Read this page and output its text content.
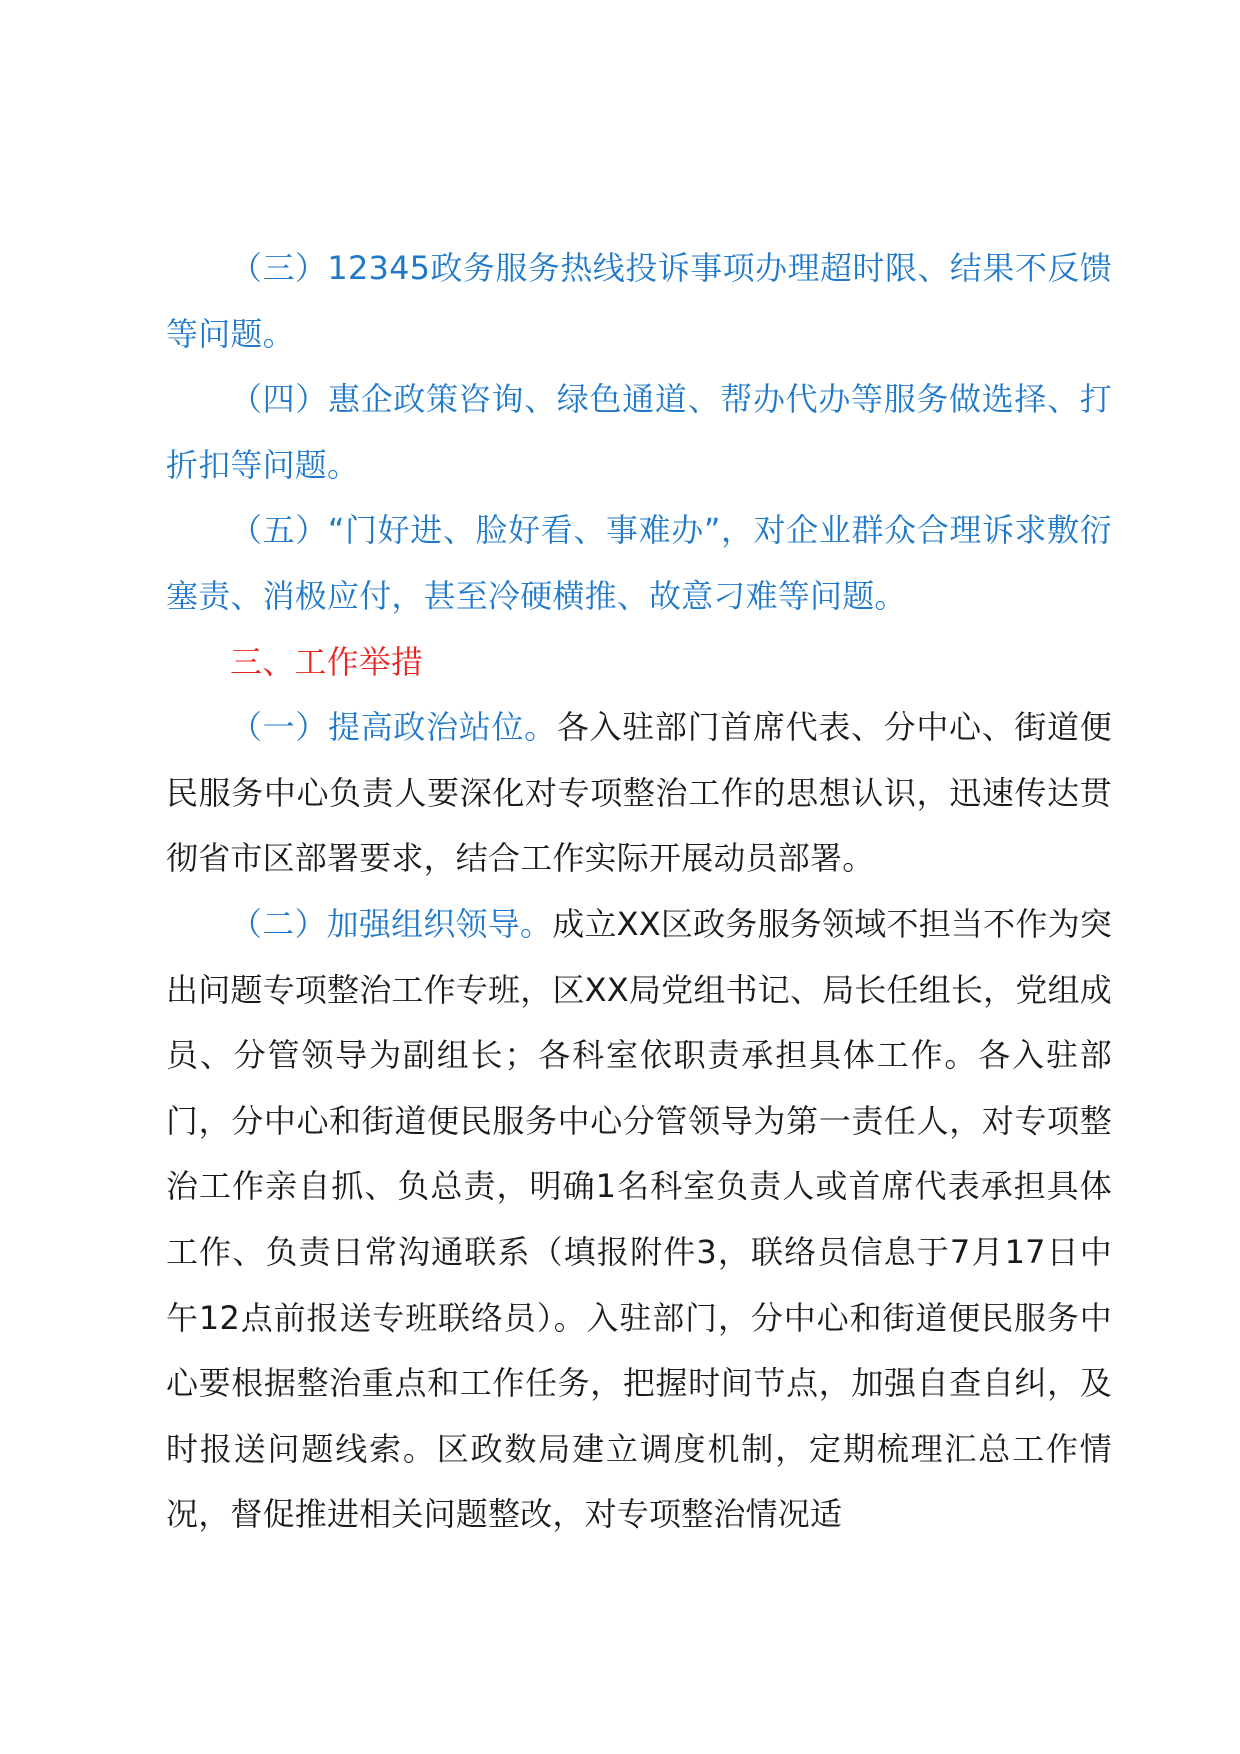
（三）12345政务服务热线投诉事项办理超时限、结果不反馈等问题。

（四）惠企政策咨询、绿色通道、帮办代办等服务做选择、打折扣等问题。

（五）“门好进、脸好看、事难办”，对企业群众合理诉求敷衍塞责、消极应付，甚至冷硬横推、故意刁难等问题。

三、工作举措

（一）提高政治站位。各入驻部门首席代表、分中心、街道便民服务中心负责人要深化对专项整治工作的思想认识，迅速传达贯彻省市区部署要求，结合工作实际开展动员部署。

（二）加强组织领导。成立XX区政务服务领域不担当不作为突出问题专项整治工作专班，区XX局党组书记、局长任组长，党组成员、分管领导为副组长；各科室依职责承担具体工作。各入驻部门，分中心和街道便民服务中心分管领导为第一责任人，对专项整治工作亲自抓、负总责，明确1名科室负责人或首席代表承担具体工作、负责日常沟通联系（填报附件3，联络员信息于7月17日中午12点前报送专班联络员）。入驻部门，分中心和街道便民服务中心要根据整治重点和工作任务，把握时间节点，加强自查自纠，及时报送问题线索。区政数局建立调度机制，定期梳理汇总工作情况，督促推进相关问题整改，对专项整治情况适
